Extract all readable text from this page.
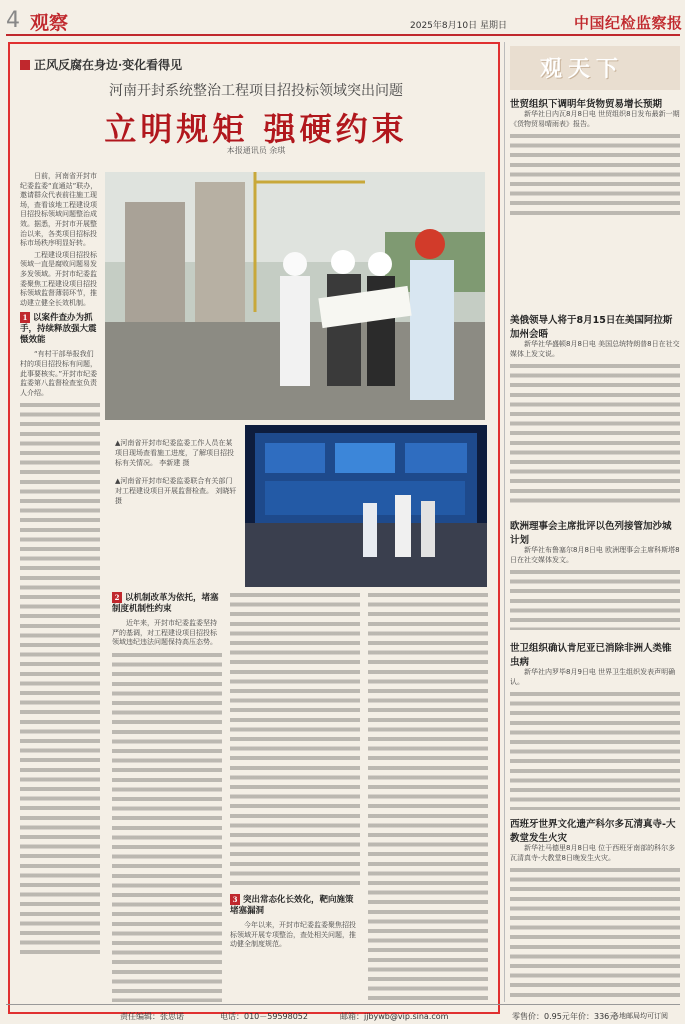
4 观察	2025年8月10日 星期日	中国纪检监察报
正风反腐在身边·变化看得见
河南开封系统整治工程项目招投标领域突出问题
立明规矩 强硬约束
本报通讯员 余琪

日前，河南省开封市纪委监委“直通站”联办，邀请群众代表前往施工现场，查看该地工程建设项目招投标领域问题整治成效。据悉，开封市开展整治以来，各类项目招标投标市场秩序明显好转。

工程建设项目招投标领域一直是腐败问题易发多发领域。开封市纪委监委聚焦工程建设项目招投标领域监督薄弱环节，推动建立健全长效机制。

1 以案件查办为抓手，持续释放强大震慑效能

“有村干部举报我们村的项目招投标有问题，此事要核实。”开封市纪委监委第八监督检查室负责人介绍。

▲河南省开封市纪委监委工作人员在某项目现场查看施工进度，了解项目招投标有关情况。 李新建 摄
▲河南省开封市纪委监委联合有关部门对工程建设项目开展监督检查。 刘晓轩 摄
2 以机制改革为依托，堵塞制度机制性约束

近年来，开封市纪委监委坚持严的基调，对工程建设项目招投标领域违纪违法问题保持高压态势。

3 突出常态化长效化，靶向施策堵塞漏洞

今年以来，开封市纪委监委聚焦招投标领域开展专项整治，查处相关问题，推动健全制度规范。

观天下
世贸组织下调明年货物贸易增长预期

新华社日内瓦8月8日电 世贸组织8日发布最新一期《货物贸易晴雨表》报告。

美俄领导人将于8月15日在美国阿拉斯加州会晤

新华社华盛顿8月8日电 美国总统特朗普8日在社交媒体上发文说。

欧洲理事会主席批评以色列接管加沙城计划

新华社布鲁塞尔8月8日电 欧洲理事会主席科斯塔8日在社交媒体发文。

世卫组织确认肯尼亚已消除非洲人类锥虫病

新华社内罗毕8月9日电 世界卫生组织发表声明确认。

西班牙世界文化遗产科尔多瓦清真寺-大教堂发生火灾

新华社马德里8月8日电 位于西班牙南部的科尔多瓦清真寺-大教堂8日晚发生火灾。

责任编辑：张思诺	电话：010－59598052	邮箱：jjbywb@vip.sina.com	零售价：0.95元 年价：336元
各地邮局均可订阅
